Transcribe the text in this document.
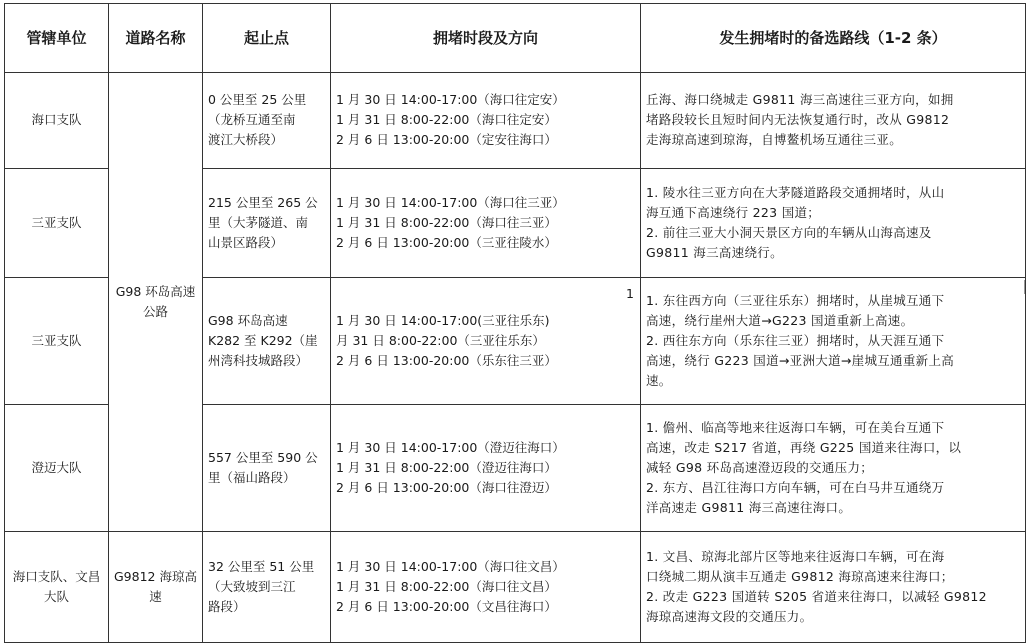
管辖单位	道路名称	起止点	拥堵时段及方向	发生拥堵时的备选路线（1-2 条）
海口支队	G98 环岛高速公路	0 公里至 25 公里
（龙桥互通至南
渡江大桥段）	1 月 30 日 14:00-17:00（海口往定安）
1 月 31 日 8:00-22:00（海口往定安）
2 月 6 日 13:00-20:00（定安往海口）	丘海、海口绕城走 G9811 海三高速往三亚方向，如拥
堵路段较长且短时间内无法恢复通行时，改从 G9812
走海琼高速到琼海，自博鳌机场互通往三亚。

三亚支队		215 公里至 265 公
里（大茅隧道、南
山景区路段）	1 月 30 日 14:00-17:00（海口往三亚）
1 月 31 日 8:00-22:00（海口往三亚）
2 月 6 日 13:00-20:00（三亚往陵水）	1. 陵水往三亚方向在大茅隧道路段交通拥堵时，从山
海互通下高速绕行 223 国道；
2. 前往三亚大小洞天景区方向的车辆从山海高速及
G9811 海三高速绕行。

三亚支队		G98 环岛高速
K282 至 K292（崖
州湾科技城路段）	1 月 30 日 14:00-17:00(三亚往乐东)
月 31 日 8:00-22:00（三亚往乐东）
2 月 6 日 13:00-20:00（乐东往三亚）	1. 东往西方向（三亚往乐东）拥堵时，从崖城互通下
高速，绕行崖州大道→G223 国道重新上高速。
2. 西往东方向（乐东往三亚）拥堵时，从天涯互通下
高速，绕行 G223 国道→亚洲大道→崖城互通重新上高
速。

澄迈大队		557 公里至 590 公
里（福山路段）	1 月 30 日 14:00-17:00（澄迈往海口）
1 月 31 日 8:00-22:00（澄迈往海口）
2 月 6 日 13:00-20:00（海口往澄迈）	1. 儋州、临高等地来往返海口车辆，可在美台互通下
高速，改走 S217 省道，再绕 G225 国道来往海口，以
减轻 G98 环岛高速澄迈段的交通压力；
2. 东方、昌江往海口方向车辆，可在白马井互通绕万
洋高速走 G9811 海三高速往海口。

海口支队、文昌大队	G9812 海琼高速	32 公里至 51 公里
（大致坡到三江
路段）	1 月 30 日 14:00-17:00（海口往文昌）
1 月 31 日 8:00-22:00（海口往文昌）
2 月 6 日 13:00-20:00（文昌往海口）	1. 文昌、琼海北部片区等地来往返海口车辆，可在海
口绕城二期从演丰互通走 G9812 海琼高速来往海口；
2. 改走 G223 国道转 S205 省道来往海口，以减轻 G9812
海琼高速海文段的交通压力。
1
